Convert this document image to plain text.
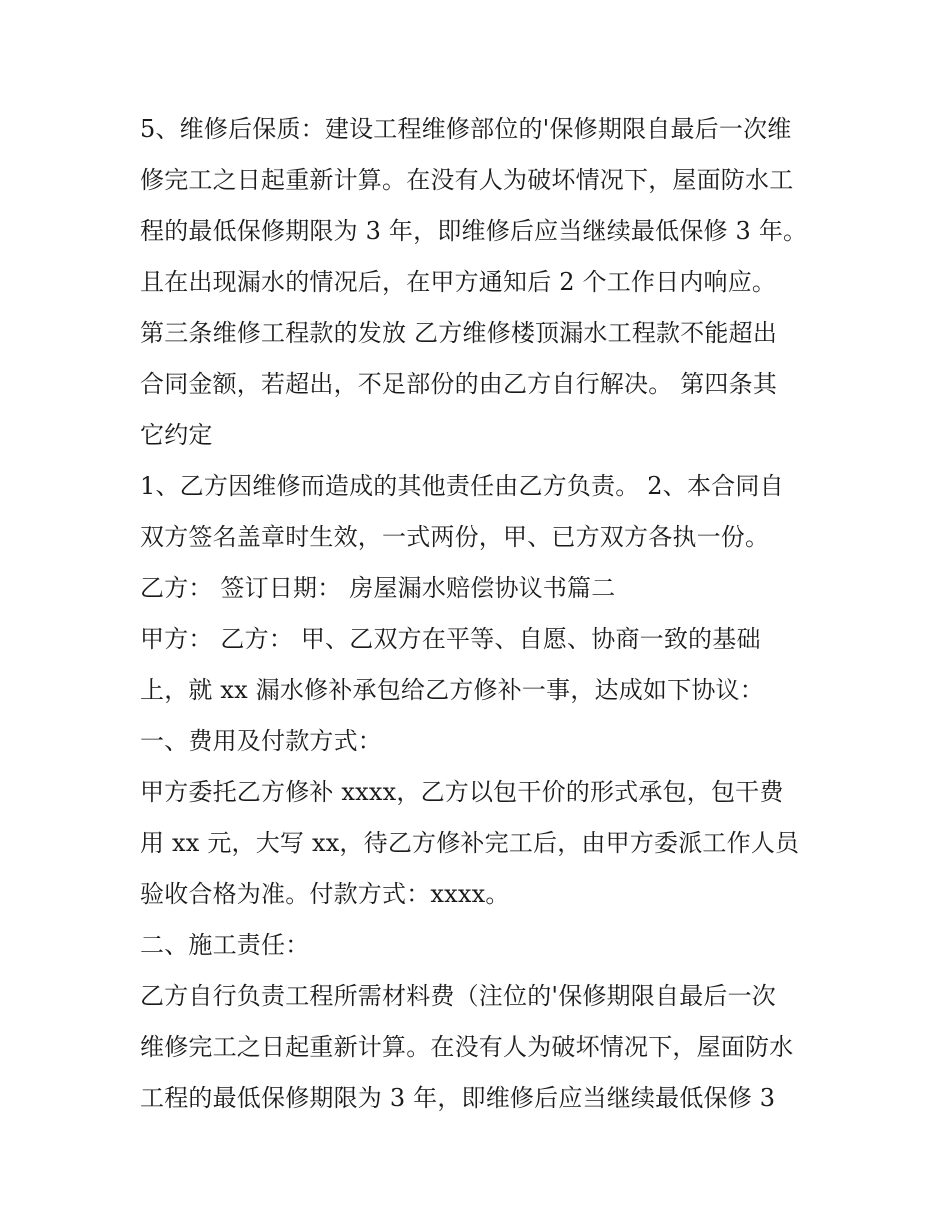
5、维修后保质：建设工程维修部位的'保修期限自最后一次维
修完工之日起重新计算。在没有人为破坏情况下，屋面防水工
程的最低保修期限为 3 年，即维修后应当继续最低保修 3 年。
且在出现漏水的情况后，在甲方通知后 2 个工作日内响应。
第三条维修工程款的发放 乙方维修楼顶漏水工程款不能超出
合同金额，若超出，不足部份的由乙方自行解决。 第四条其
它约定
1、乙方因维修而造成的其他责任由乙方负责。 2、本合同自
双方签名盖章时生效，一式两份，甲、已方双方各执一份。
乙方： 签订日期： 房屋漏水赔偿协议书篇二
甲方： 乙方： 甲、乙双方在平等、自愿、协商一致的基础
上，就 xx 漏水修补承包给乙方修补一事，达成如下协议：
一、费用及付款方式：
甲方委托乙方修补 xxxx，乙方以包干价的形式承包，包干费
用 xx 元，大写 xx，待乙方修补完工后，由甲方委派工作人员
验收合格为准。付款方式：xxxx。
二、施工责任：
乙方自行负责工程所需材料费（注位的'保修期限自最后一次
维修完工之日起重新计算。在没有人为破坏情况下，屋面防水
工程的最低保修期限为 3 年，即维修后应当继续最低保修 3
